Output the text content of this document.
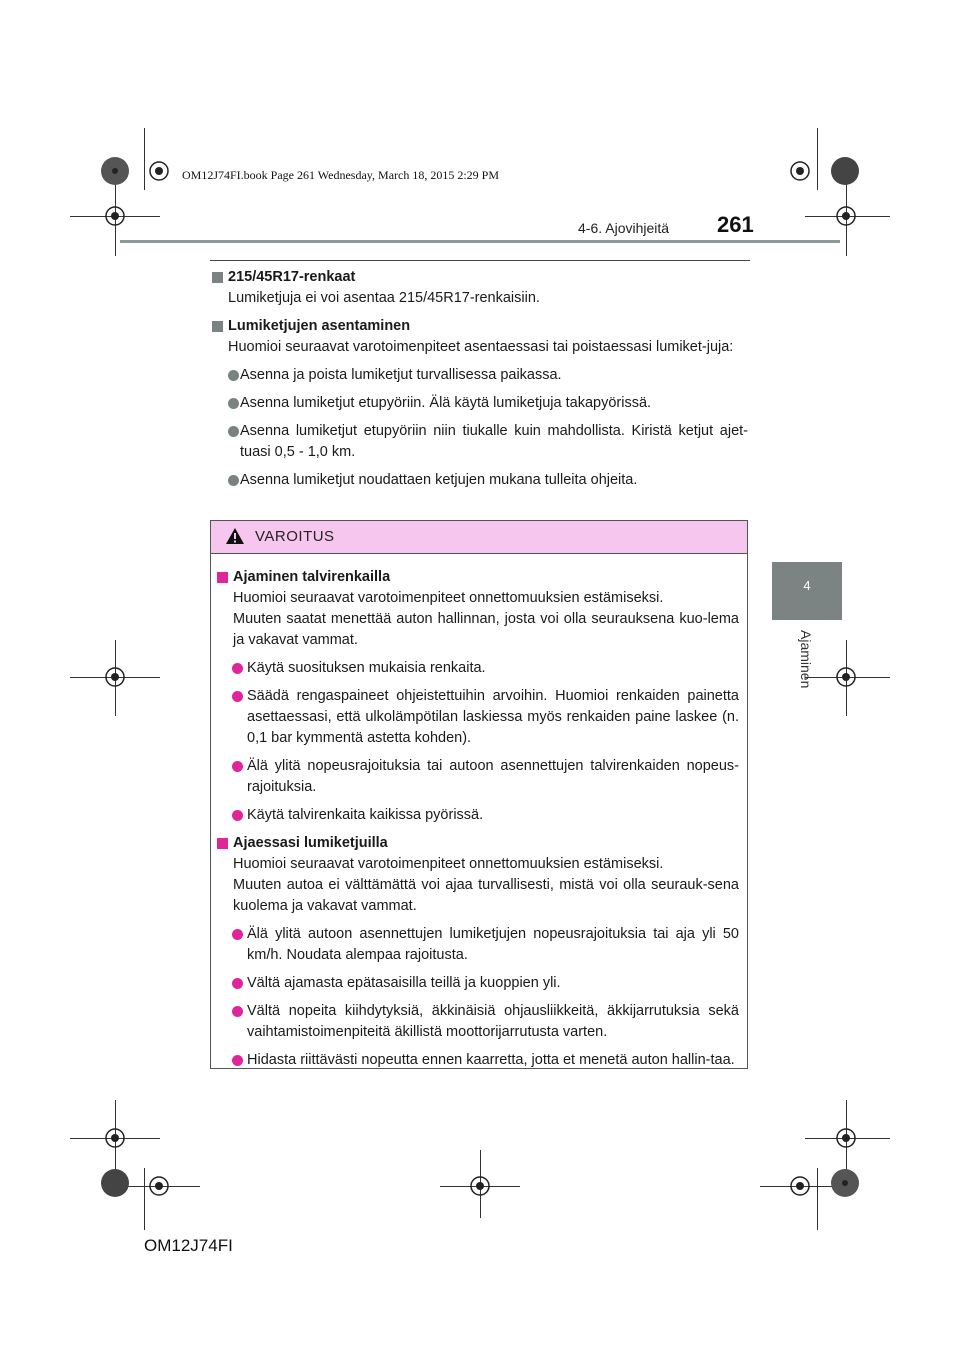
OM12J74FI.book Page 261 Wednesday, March 18, 2015 2:29 PM
4-6. Ajovihjeitä 261
4
Ajaminen
215/45R17-renkaat
Lumiketjuja ei voi asentaa 215/45R17-renkaisiin.
Lumiketjujen asentaminen
Huomioi seuraavat varotoimenpiteet asentaessasi tai poistaessasi lumiket-juja:
Asenna ja poista lumiketjut turvallisessa paikassa.
Asenna lumiketjut etupyöriin. Älä käytä lumiketjuja takapyörissä.
Asenna lumiketjut etupyöriin niin tiukalle kuin mahdollista. Kiristä ketjut ajet-tuasi 0,5 - 1,0 km.
Asenna lumiketjut noudattaen ketjujen mukana tulleita ohjeita.
VAROITUS
Ajaminen talvirenkailla
Huomioi seuraavat varotoimenpiteet onnettomuuksien estämiseksi.
Muuten saatat menettää auton hallinnan, josta voi olla seurauksena kuo-lema ja vakavat vammat.
Käytä suosituksen mukaisia renkaita.
Säädä rengaspaineet ohjeistettuihin arvoihin. Huomioi renkaiden painetta asettaessasi, että ulkolämpötilan laskiessa myös renkaiden paine laskee (n. 0,1 bar kymmentä astetta kohden).
Älä ylitä nopeusrajoituksia tai autoon asennettujen talvirenkaiden nopeus-rajoituksia.
Käytä talvirenkaita kaikissa pyörissä.
Ajaessasi lumiketjuilla
Huomioi seuraavat varotoimenpiteet onnettomuuksien estämiseksi.
Muuten autoa ei välttämättä voi ajaa turvallisesti, mistä voi olla seurauk-sena kuolema ja vakavat vammat.
Älä ylitä autoon asennettujen lumiketjujen nopeusrajoituksia tai aja yli 50 km/h. Noudata alempaa rajoitusta.
Vältä ajamasta epätasaisilla teillä ja kuoppien yli.
Vältä nopeita kiihdytyksiä, äkkinäisiä ohjausliikkeitä, äkkijarrutuksia sekä vaihtamistoimenpiteitä äkillistä moottorijarrutusta varten.
Hidasta riittävästi nopeutta ennen kaarretta, jotta et menetä auton hallin-taa.
OM12J74FI
